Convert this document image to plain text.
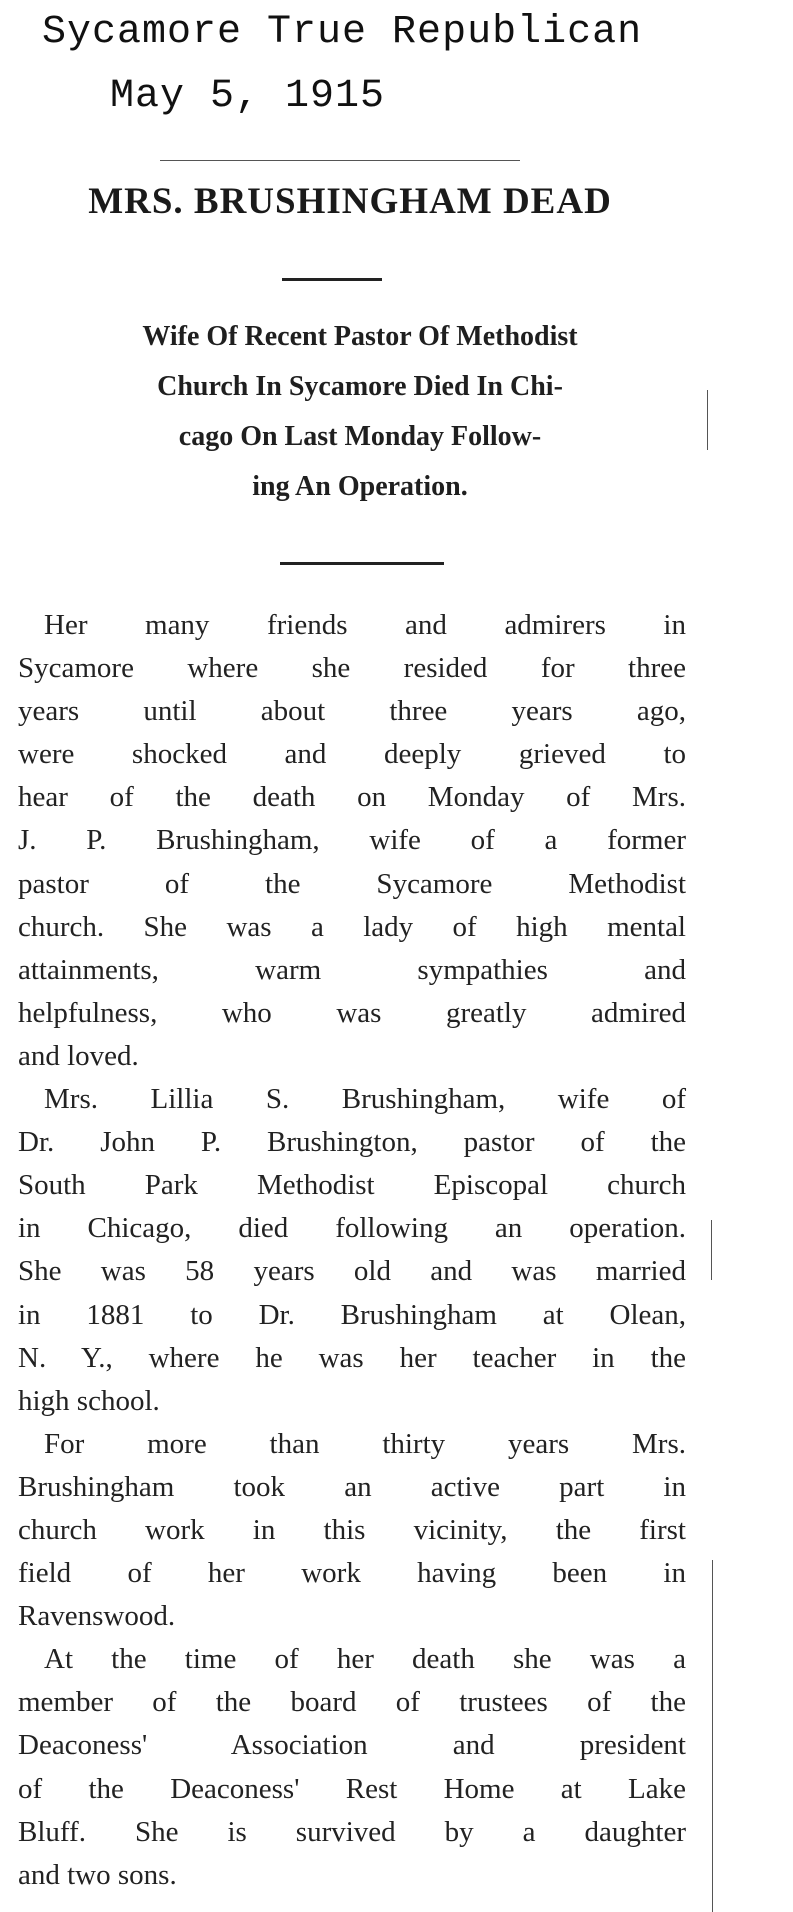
Sycamore True Republican
May 5, 1915
MRS. BRUSHINGHAM DEAD
Wife Of Recent Pastor Of Methodist
Church In Sycamore Died In Chi-
cago On Last Monday Follow-
ing An Operation.
Her many friends and admirers in
Sycamore where she resided for three
years until about three years ago,
were shocked and deeply grieved to
hear of the death on Monday of Mrs.
J. P. Brushingham, wife of a former
pastor of the Sycamore Methodist
church. She was a lady of high mental
attainments, warm sympathies and
helpfulness, who was greatly admired
and loved.
Mrs. Lillia S. Brushingham, wife of
Dr. John P. Brushington, pastor of the
South Park Methodist Episcopal church
in Chicago, died following an operation.
She was 58 years old and was married
in 1881 to Dr. Brushingham at Olean,
N. Y., where he was her teacher in the
high school.
For more than thirty years Mrs.
Brushingham took an active part in
church work in this vicinity, the first
field of her work having been in
Ravenswood.
At the time of her death she was a
member of the board of trustees of the
Deaconess' Association and president
of the Deaconess' Rest Home at Lake
Bluff. She is survived by a daughter
and two sons.
